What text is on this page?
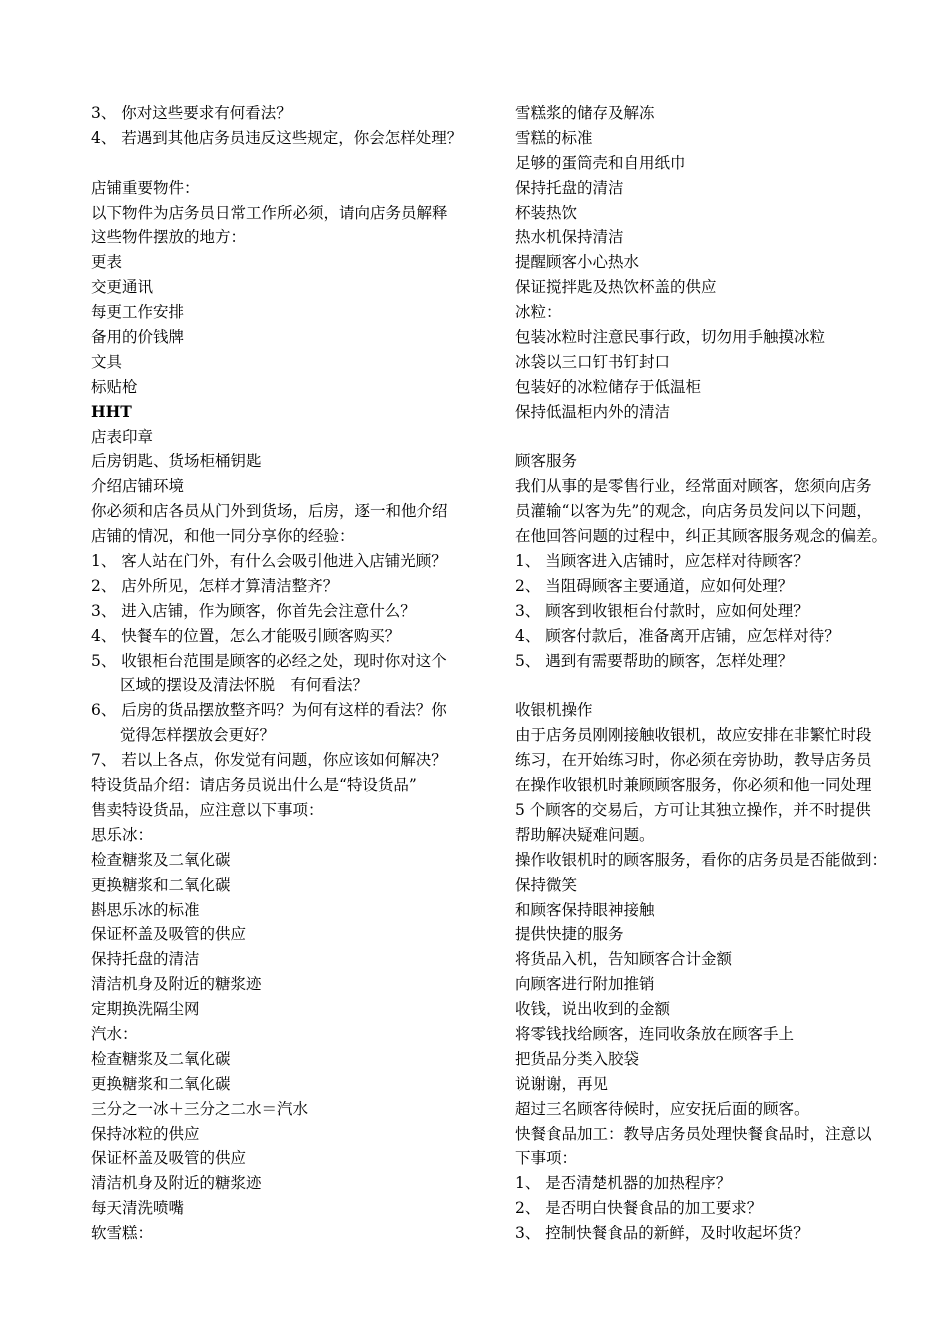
3、 你对这些要求有何看法？
4、 若遇到其他店务员违反这些规定，你会怎样处理？
店铺重要物件：
以下物件为店务员日常工作所必须，请向店务员解释
这些物件摆放的地方：
更表
交更通讯
每更工作安排
备用的价钱牌
文具
标贴枪
HHT
店表印章
后房钥匙、货场柜桶钥匙
介绍店铺环境
你必须和店各员从门外到货场，后房，逐一和他介绍
店铺的情况，和他一同分享你的经验：
1、 客人站在门外，有什么会吸引他进入店铺光顾？
2、 店外所见，怎样才算清洁整齐？
3、 进入店铺，作为顾客，你首先会注意什么？
4、 快餐车的位置，怎么才能吸引顾客购买？
5、 收银柜台范围是顾客的必经之处，现时你对这个
区域的摆设及清法怀脱　有何看法？
6、 后房的货品摆放整齐吗？为何有这样的看法？你
觉得怎样摆放会更好？
7、 若以上各点，你发觉有问题，你应该如何解决？
特设货品介绍：请店务员说出什么是“特设货品”
售卖特设货品，应注意以下事项：
思乐冰：
检查糖浆及二氧化碳
更换糖浆和二氧化碳
斟思乐冰的标准
保证杯盖及吸管的供应
保持托盘的清洁
清洁机身及附近的糖浆迹
定期换洗隔尘网
汽水：
检查糖浆及二氧化碳
更换糖浆和二氧化碳
三分之一冰＋三分之二水＝汽水
保持冰粒的供应
保证杯盖及吸管的供应
清洁机身及附近的糖浆迹
每天清洗喷嘴
软雪糕：
雪糕浆的储存及解冻
雪糕的标准
足够的蛋筒壳和自用纸巾
保持托盘的清洁
杯装热饮
热水机保持清洁
提醒顾客小心热水
保证搅拌匙及热饮杯盖的供应
冰粒：
包装冰粒时注意民事行政，切勿用手触摸冰粒
冰袋以三口钉书钉封口
包装好的冰粒储存于低温柜
保持低温柜内外的清洁
顾客服务
我们从事的是零售行业，经常面对顾客，您须向店务
员灌输“以客为先”的观念，向店务员发问以下问题，
在他回答问题的过程中，纠正其顾客服务观念的偏差。
1、 当顾客进入店铺时，应怎样对待顾客？
2、 当阻碍顾客主要通道，应如何处理？
3、 顾客到收银柜台付款时，应如何处理？
4、 顾客付款后，准备离开店铺，应怎样对待？
5、 遇到有需要帮助的顾客，怎样处理？
收银机操作
由于店务员刚刚接触收银机，故应安排在非繁忙时段
练习，在开始练习时，你必须在旁协助，教导店务员
在操作收银机时兼顾顾客服务，你必须和他一同处理
5 个顾客的交易后，方可让其独立操作，并不时提供
帮助解决疑难问题。
操作收银机时的顾客服务，看你的店务员是否能做到：
保持微笑
和顾客保持眼神接触
提供快捷的服务
将货品入机，告知顾客合计金额
向顾客进行附加推销
收钱，说出收到的金额
将零钱找给顾客，连同收条放在顾客手上
把货品分类入胶袋
说谢谢，再见
超过三名顾客待候时，应安抚后面的顾客。
快餐食品加工：教导店务员处理快餐食品时，注意以
下事项：
1、 是否清楚机器的加热程序？
2、 是否明白快餐食品的加工要求？
3、 控制快餐食品的新鲜，及时收起坏货？
